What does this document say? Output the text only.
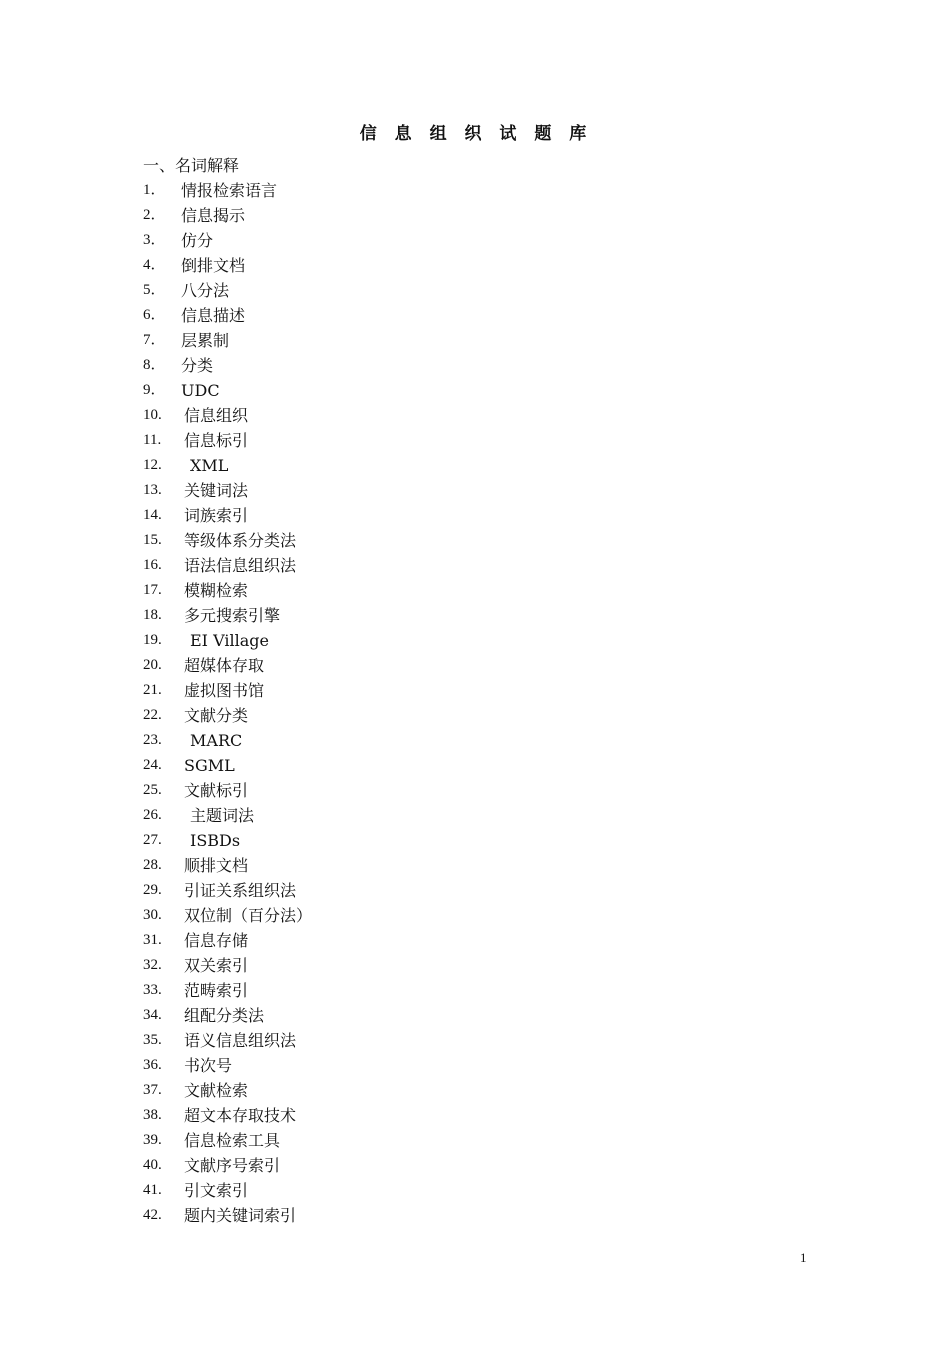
信 息 组 织 试 题 库
一、名词解释
1． 情报检索语言
2． 信息揭示
3． 仿分
4． 倒排文档
5． 八分法
6． 信息描述
7． 层累制
8． 分类
9． UDC
10.	信息组织
11.	信息标引
12.	XML
13.	关键词法
14.	词族索引
15.	等级体系分类法
16.	语法信息组织法
17.	模糊检索
18.	多元搜索引擎
19.	EI Village
20.	超媒体存取
21.	虚拟图书馆
22.	文献分类
23.	MARC
24.	SGML
25.	文献标引
26.	主题词法
27.	ISBDs
28.	顺排文档
29.	引证关系组织法
30.	双位制（百分法）
31.	信息存储
32.	双关索引
33.	范畴索引
34.	组配分类法
35.	语义信息组织法
36.	书次号
37.	文献检索
38.	超文本存取技术
39.	信息检索工具
40.	文献序号索引
41.	引文索引
42.	题内关键词索引
1
